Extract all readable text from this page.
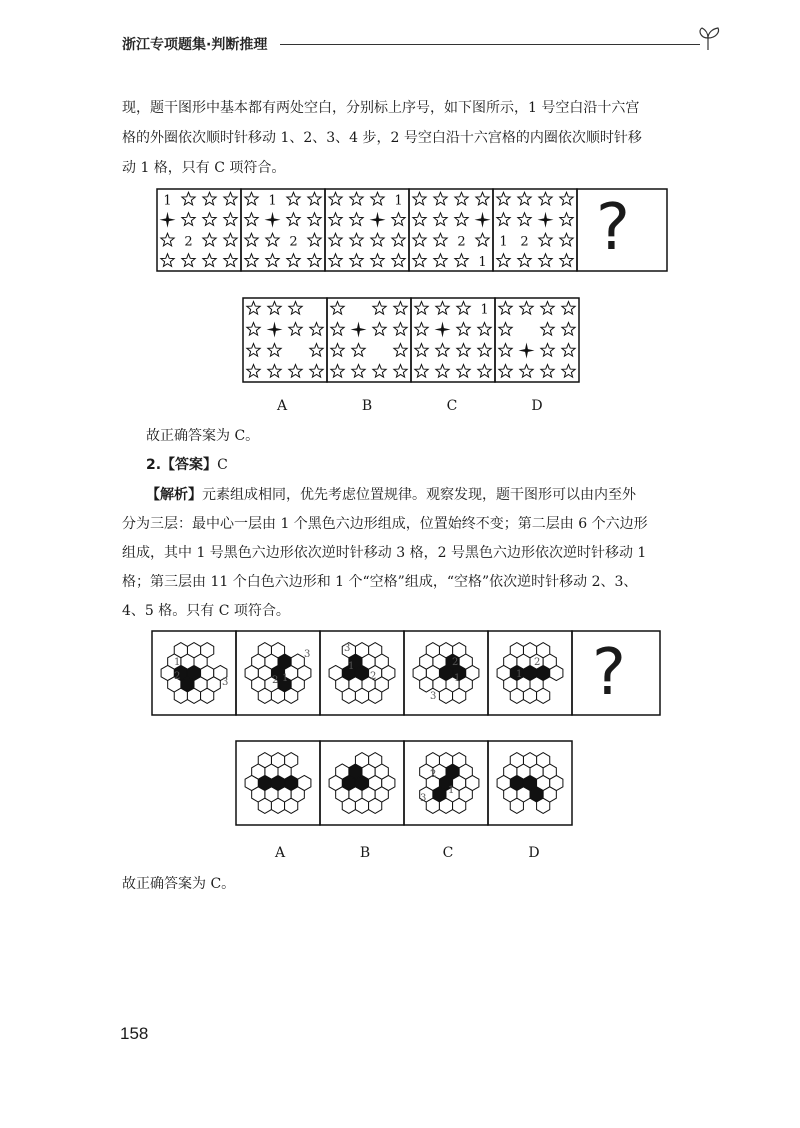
浙江专项题集·判断推理
现，题干图形中基本都有两处空白，分别标上序号，如下图所示，1 号空白沿十六宫
格的外圈依次顺时针移动 1、2、3、4 步，2 号空白沿十六宫格的内圈依次顺时针移
动 1 格，只有 C 项符合。
1
2
1
2
1
2
1
1 2 ?
1
A	B	C	D
故正确答案为 C。
2.【答案】C
【解析】元素组成相同，优先考虑位置规律。观察发现，题干图形可以由内至外
分为三层：最中心一层由 1 个黑色六边形组成，位置始终不变；第二层由 6 个六边形
组成，其中 1 号黑色六边形依次逆时针移动 3 格，2 号黑色六边形依次逆时针移动 1
格；第三层由 11 个白色六边形和 1 个“空格”组成，“空格”依次逆时针移动 2、3、
4、5 格。只有 C 项符合。
1
2
3
3
2 1
3
1
2
2
1
3
1
2 ?
2
1
3
A	B	C	D
故正确答案为 C。
158
